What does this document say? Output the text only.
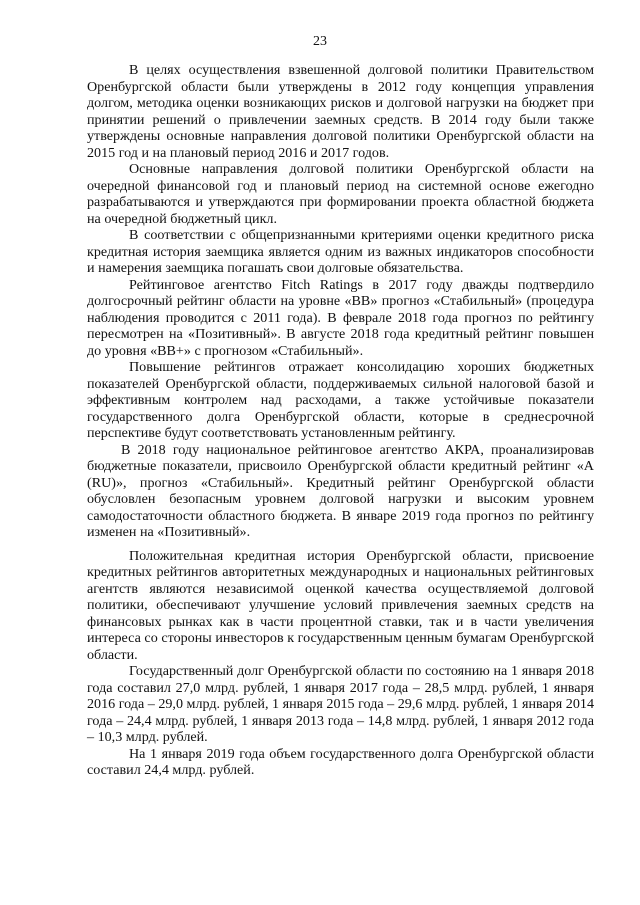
23

В целях осуществления взвешенной долговой политики Правительством Оренбургской области были утверждены в 2012 году концепция управления долгом, методика оценки возникающих рисков и долговой нагрузки на бюджет при принятии решений о привлечении заемных средств. В 2014 году были также утверждены основные направления долговой политики Оренбургской области на 2015 год и на плановый период 2016 и 2017 годов.

Основные направления долговой политики Оренбургской области на очередной финансовой год и плановый период на системной основе ежегодно разрабатываются и утверждаются при формировании проекта областной бюджета на очередной бюджетный цикл.

В соответствии с общепризнанными критериями оценки кредитного риска кредитная история заемщика является одним из важных индикаторов способности и намерения заемщика погашать свои долговые обязательства.

Рейтинговое агентство Fitch Ratings в 2017 году дважды подтвердило долгосрочный рейтинг области на уровне «BB» прогноз «Стабильный» (процедура наблюдения проводится с 2011 года). В феврале 2018 года прогноз по рейтингу пересмотрен на «Позитивный». В августе 2018 года кредитный рейтинг повышен до уровня «BB+» с прогнозом «Стабильный».

Повышение рейтингов отражает консолидацию хороших бюджетных показателей Оренбургской области, поддерживаемых сильной налоговой базой и эффективным контролем над расходами, а также устойчивые показатели государственного долга Оренбургской области, которые в среднесрочной перспективе будут соответствовать установленным рейтингу.

В 2018 году национальное рейтинговое агентство АКРА, проанализировав бюджетные показатели, присвоило Оренбургской области кредитный рейтинг «A (RU)», прогноз «Стабильный». Кредитный рейтинг Оренбургской области обусловлен безопасным уровнем долговой нагрузки и высоким уровнем самодостаточности областного бюджета. В январе 2019 года прогноз по рейтингу изменен на «Позитивный».

Положительная кредитная история Оренбургской области, присвоение кредитных рейтингов авторитетных международных и национальных рейтинговых агентств являются независимой оценкой качества осуществляемой долговой политики, обеспечивают улучшение условий привлечения заемных средств на финансовых рынках как в части процентной ставки, так и в части увеличения интереса со стороны инвесторов к государственным ценным бумагам Оренбургской области.

Государственный долг Оренбургской области по состоянию на 1 января 2018 года составил 27,0 млрд. рублей, 1 января 2017 года – 28,5 млрд. рублей, 1 января 2016 года – 29,0 млрд. рублей, 1 января 2015 года – 29,6 млрд. рублей, 1 января 2014 года – 24,4 млрд. рублей, 1 января 2013 года – 14,8 млрд. рублей, 1 января 2012 года – 10,3 млрд. рублей.

На 1 января 2019 года объем государственного долга Оренбургской области составил 24,4 млрд. рублей.
